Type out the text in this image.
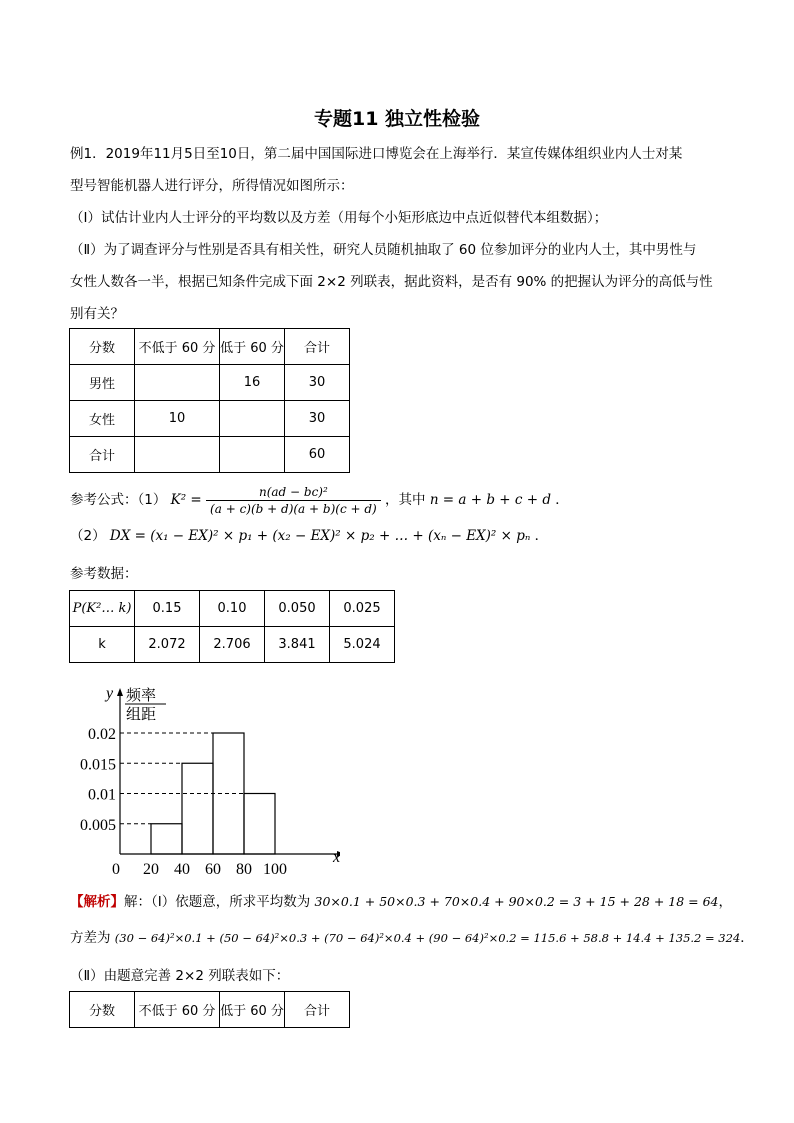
专题11 独立性检验
例1．2019年11月5日至10日，第二届中国国际进口博览会在上海举行．某宣传媒体组织业内人士对某
型号智能机器人进行评分，所得情况如图所示：
（Ⅰ）试估计业内人士评分的平均数以及方差（用每个小矩形底边中点近似替代本组数据）；
（Ⅱ）为了调查评分与性别是否具有相关性，研究人员随机抽取了 60 位参加评分的业内人士，其中男性与
女性人数各一半，根据已知条件完成下面 2×2 列联表，据此资料，是否有 90% 的把握认为评分的高低与性
别有关？
分数	不低于 60 分	低于 60 分	合计
男性		16	30
女性	10		30
合计			60
参考公式：（1） $K^2 = \frac{\text{n(ad − bc)²}}{(a + c)(b + d)(a + b)(c + d)}$ ，其中 n = a + b + c + d ．
（2） DX = (x₁ − EX)² × p₁ + (x₂ − EX)² × p₂ + … + (xₙ − EX)² × pₙ ．
参考数据：
P(K²… k)	0.15	0.10	0.050	0.025
k	2.072	2.706	3.841	5.024
y
x
频率
组距
0.005
0.01
0.015
0.02
0 20 40 60 80 100
【解析】解：（Ⅰ）依题意，所求平均数为 30×0.1 + 50×0.3 + 70×0.4 + 90×0.2 = 3 + 15 + 28 + 18 = 64，
方差为 (30 − 64)²×0.1 + (50 − 64)²×0.3 + (70 − 64)²×0.4 + (90 − 64)²×0.2 = 115.6 + 58.8 + 14.4 + 135.2 = 324．
（Ⅱ）由题意完善 2×2 列联表如下：
分数	不低于 60 分	低于 60 分	合计
